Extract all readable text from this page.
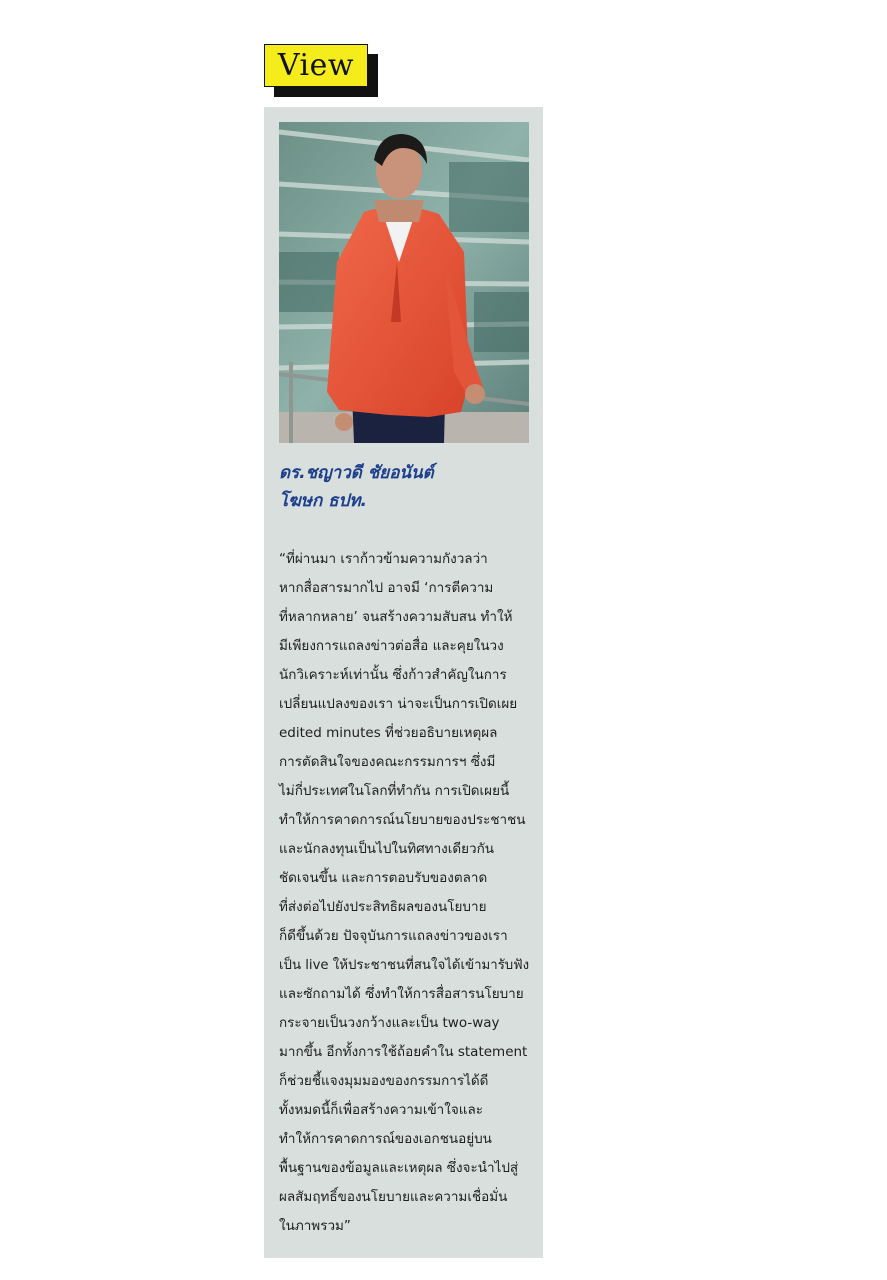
View
ดร.ชญาวดี ชัยอนันต์
โฆษก ธปท.
“ที่ผ่านมา เราก้าวข้ามความกังวลว่า
หากสื่อสารมากไป อาจมี ‘การตีความ
ที่หลากหลาย’ จนสร้างความสับสน ทำให้
มีเพียงการแถลงข่าวต่อสื่อ และคุยในวง
นักวิเคราะห์เท่านั้น ซึ่งก้าวสำคัญในการ
เปลี่ยนแปลงของเรา น่าจะเป็นการเปิดเผย
edited minutes ที่ช่วยอธิบายเหตุผล
การตัดสินใจของคณะกรรมการฯ ซึ่งมี
ไม่กี่ประเทศในโลกที่ทำกัน การเปิดเผยนี้
ทำให้การคาดการณ์นโยบายของประชาชน
และนักลงทุนเป็นไปในทิศทางเดียวกัน
ชัดเจนขึ้น และการตอบรับของตลาด
ที่ส่งต่อไปยังประสิทธิผลของนโยบาย
ก็ดีขึ้นด้วย ปัจจุบันการแถลงข่าวของเรา
เป็น live ให้ประชาชนที่สนใจได้เข้ามารับฟัง
และซักถามได้ ซึ่งทำให้การสื่อสารนโยบาย
กระจายเป็นวงกว้างและเป็น two-way
มากขึ้น อีกทั้งการใช้ถ้อยคำใน statement
ก็ช่วยชี้แจงมุมมองของกรรมการได้ดี
ทั้งหมดนี้ก็เพื่อสร้างความเข้าใจและ
ทำให้การคาดการณ์ของเอกชนอยู่บน
พื้นฐานของข้อมูลและเหตุผล ซึ่งจะนำไปสู่
ผลสัมฤทธิ์ของนโยบายและความเชื่อมั่น
ในภาพรวม”
